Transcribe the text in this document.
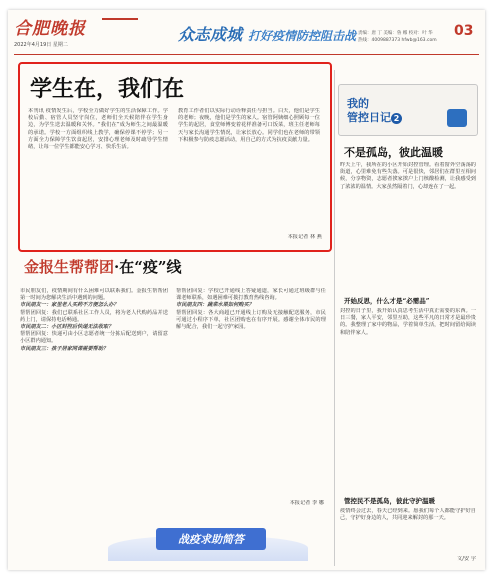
合肥晚报
2022年4月19日 星期二
众志成城 打好疫情防控阻击战 责编：唐 丁 美编：鲁 娜 校对：叶 华
热线：4009887373 hfwb@163.com
03
学生在，我们在
本刊讯 疫情发生后，学校全力做好学生的生活保障工作。学校后勤、宿管人员坚守岗位，老师们全天候陪伴在学生身边，为学生送去温暖和关怀。“我们在”成为师生之间最温暖的承诺。学校一方面组织线上教学，确保停课不停学；另一方面全力保障学生饮食起居，安排心理老师及时疏导学生情绪，让每一位学生都能安心学习、快乐生活。
教育工作者们以实际行动诠释责任与担当。白天，他们是学生的老师；夜晚，他们是学生的家人。宿管阿姨细心照顾每一位学生的起居，食堂师傅变着花样准备可口饭菜，班主任老师每天与家长沟通学生情况，让家长放心。同学们也在老师的带领下积极参与防疫志愿活动，用自己的方式为抗疫贡献力量。
本报记者 林 燕
金报生帮帮团·在“疫”线
市民朋友们，疫情期间有什么困难可以联系我们。金报生帮帮团第一时间为您解决生活中遇到的问题。
市民朋友一：家里老人买药不方便怎么办？
帮帮团回复：我们已联系社区工作人员，将为老人代购药品并送药上门，请保持电话畅通。
市民朋友二：小区封控后快递无法收取？
帮帮团回复：快递可由小区志愿者统一分拣后配送到户，请留意小区群内通知。
市民朋友三：孩子居家网课需要帮助？
帮帮团回复：学校已开通线上答疑通道，家长可通过班级群与任课老师联系，如遇困难可拨打教育热线咨询。
市民朋友四：蔬菜水果如何购买？
帮帮团回复：各大商超已开通线上订购及无接触配送服务，市民可通过小程序下单，社区团购也在有序开展。感谢全体市民的理解与配合，我们一起守护家园。
本报记者 李 娜
战疫求助简答
我的
管控日记 2
不是孤岛，彼此温暖
昨天上午，我所在的小区开始封控管理。看着窗外空荡荡的街道，心里难免有些失落。可是很快，邻居们在群里互相问候，分享物资，志愿者挨家挨户上门核酸检测，让我感受到了浓浓的温情。大家虽然隔着门，心却连在了一起。
开始反思，什么才是“必需品”
封控的日子里，我开始认真思考生活中真正需要的东西。一日三餐，家人平安，邻里互助，这些平凡的日常才是最珍贵的。我整理了家中的物品，学着简单生活，把时间留给阅读和陪伴家人。
管控民不是孤岛，彼此守护温暖
疫情终会过去，春天已经到来。愿我们每个人都能守护好自己，守护好身边的人，共同迎来解封的那一天。
文/安 宇
